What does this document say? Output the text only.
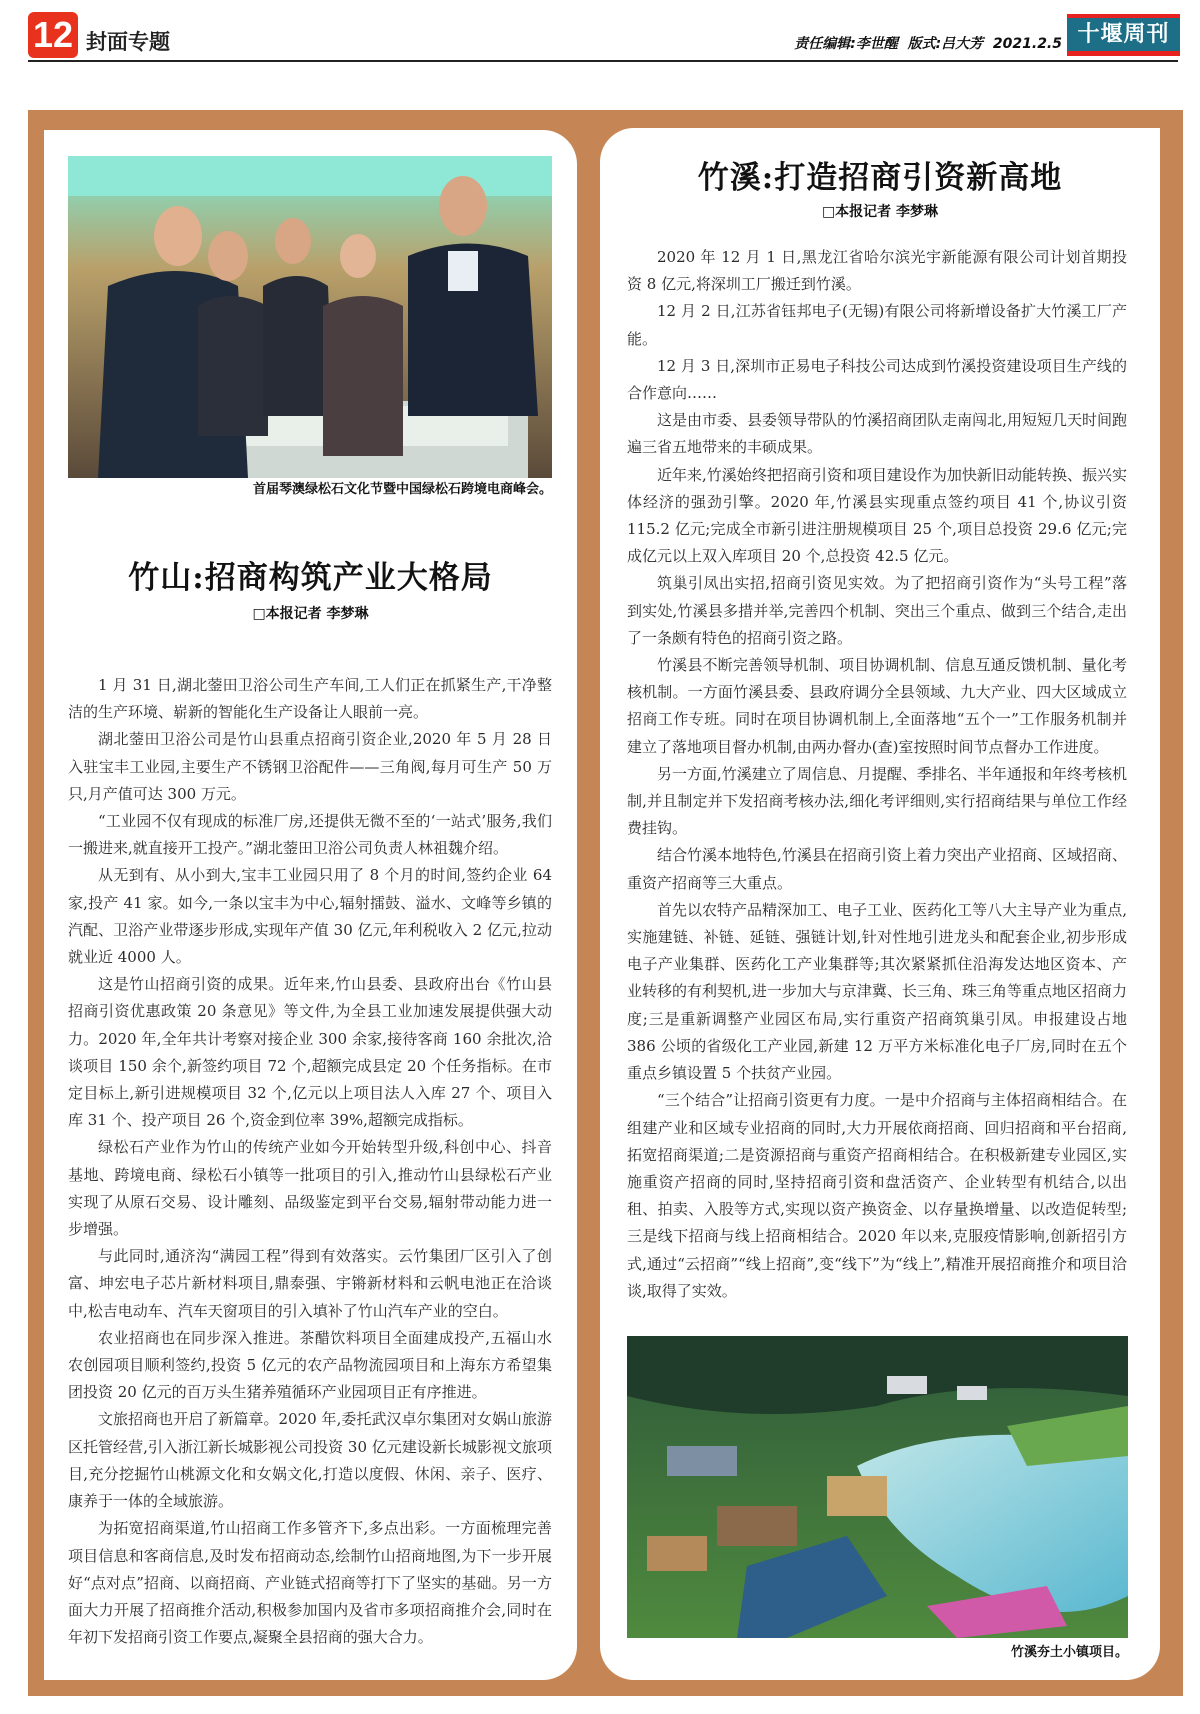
12 封面专题	责任编辑:李世醒  版式:吕大芳  2021.2.5 十堰周刊
首届琴澳绿松石文化节暨中国绿松石跨境电商峰会。
竹山:招商构筑产业大格局
□本报记者 李梦琳

1 月 31 日,湖北蓥田卫浴公司生产车间,工人们正在抓紧生产,干净整洁的生产环境、崭新的智能化生产设备让人眼前一亮。

湖北蓥田卫浴公司是竹山县重点招商引资企业,2020 年 5 月 28 日入驻宝丰工业园,主要生产不锈钢卫浴配件——三角阀,每月可生产 50 万只,月产值可达 300 万元。

“工业园不仅有现成的标准厂房,还提供无微不至的‘一站式’服务,我们一搬进来,就直接开工投产。”湖北蓥田卫浴公司负责人林祖魏介绍。

从无到有、从小到大,宝丰工业园只用了 8 个月的时间,签约企业 64 家,投产 41 家。如今,一条以宝丰为中心,辐射擂鼓、溢水、文峰等乡镇的汽配、卫浴产业带逐步形成,实现年产值 30 亿元,年利税收入 2 亿元,拉动就业近 4000 人。

这是竹山招商引资的成果。近年来,竹山县委、县政府出台《竹山县招商引资优惠政策 20 条意见》等文件,为全县工业加速发展提供强大动力。2020 年,全年共计考察对接企业 300 余家,接待客商 160 余批次,洽谈项目 150 余个,新签约项目 72 个,超额完成县定 20 个任务指标。在市定目标上,新引进规模项目 32 个,亿元以上项目法人入库 27 个、项目入库 31 个、投产项目 26 个,资金到位率 39%,超额完成指标。

绿松石产业作为竹山的传统产业如今开始转型升级,科创中心、抖音基地、跨境电商、绿松石小镇等一批项目的引入,推动竹山县绿松石产业实现了从原石交易、设计雕刻、品级鉴定到平台交易,辐射带动能力进一步增强。

与此同时,通济沟“满园工程”得到有效落实。云竹集团厂区引入了创富、坤宏电子芯片新材料项目,鼎泰强、宇锵新材料和云帆电池正在洽谈中,松吉电动车、汽车天窗项目的引入填补了竹山汽车产业的空白。

农业招商也在同步深入推进。茶醋饮料项目全面建成投产,五福山水农创园项目顺利签约,投资 5 亿元的农产品物流园项目和上海东方希望集团投资 20 亿元的百万头生猪养殖循环产业园项目正有序推进。

文旅招商也开启了新篇章。2020 年,委托武汉卓尔集团对女娲山旅游区托管经营,引入浙江新长城影视公司投资 30 亿元建设新长城影视文旅项目,充分挖掘竹山桃源文化和女娲文化,打造以度假、休闲、亲子、医疗、康养于一体的全域旅游。

为拓宽招商渠道,竹山招商工作多管齐下,多点出彩。一方面梳理完善项目信息和客商信息,及时发布招商动态,绘制竹山招商地图,为下一步开展好“点对点”招商、以商招商、产业链式招商等打下了坚实的基础。另一方面大力开展了招商推介活动,积极参加国内及省市多项招商推介会,同时在年初下发招商引资工作要点,凝聚全县招商的强大合力。

竹溪:打造招商引资新高地
□本报记者 李梦琳

2020 年 12 月 1 日,黑龙江省哈尔滨光宇新能源有限公司计划首期投资 8 亿元,将深圳工厂搬迁到竹溪。

12 月 2 日,江苏省钰邦电子(无锡)有限公司将新增设备扩大竹溪工厂产能。

12 月 3 日,深圳市正易电子科技公司达成到竹溪投资建设项目生产线的合作意向……

这是由市委、县委领导带队的竹溪招商团队走南闯北,用短短几天时间跑遍三省五地带来的丰硕成果。

近年来,竹溪始终把招商引资和项目建设作为加快新旧动能转换、振兴实体经济的强劲引擎。2020 年,竹溪县实现重点签约项目 41 个,协议引资 115.2 亿元;完成全市新引进注册规模项目 25 个,项目总投资 29.6 亿元;完成亿元以上双入库项目 20 个,总投资 42.5 亿元。

筑巢引凤出实招,招商引资见实效。为了把招商引资作为“头号工程”落到实处,竹溪县多措并举,完善四个机制、突出三个重点、做到三个结合,走出了一条颇有特色的招商引资之路。

竹溪县不断完善领导机制、项目协调机制、信息互通反馈机制、量化考核机制。一方面竹溪县委、县政府调分全县领域、九大产业、四大区域成立招商工作专班。同时在项目协调机制上,全面落地“五个一”工作服务机制并建立了落地项目督办机制,由两办督办(查)室按照时间节点督办工作进度。

另一方面,竹溪建立了周信息、月提醒、季排名、半年通报和年终考核机制,并且制定并下发招商考核办法,细化考评细则,实行招商结果与单位工作经费挂钩。

结合竹溪本地特色,竹溪县在招商引资上着力突出产业招商、区域招商、重资产招商等三大重点。

首先以农特产品精深加工、电子工业、医药化工等八大主导产业为重点,实施建链、补链、延链、强链计划,针对性地引进龙头和配套企业,初步形成电子产业集群、医药化工产业集群等;其次紧紧抓住沿海发达地区资本、产业转移的有利契机,进一步加大与京津冀、长三角、珠三角等重点地区招商力度;三是重新调整产业园区布局,实行重资产招商筑巢引凤。申报建设占地 386 公顷的省级化工产业园,新建 12 万平方米标准化电子厂房,同时在五个重点乡镇设置 5 个扶贫产业园。

“三个结合”让招商引资更有力度。一是中介招商与主体招商相结合。在组建产业和区域专业招商的同时,大力开展依商招商、回归招商和平台招商,拓宽招商渠道;二是资源招商与重资产招商相结合。在积极新建专业园区,实施重资产招商的同时,坚持招商引资和盘活资产、企业转型有机结合,以出租、拍卖、入股等方式,实现以资产换资金、以存量换增量、以改造促转型;三是线下招商与线上招商相结合。2020 年以来,克服疫情影响,创新招引方式,通过“云招商”“线上招商”,变“线下”为“线上”,精准开展招商推介和项目洽谈,取得了实效。

竹溪夯土小镇项目。
